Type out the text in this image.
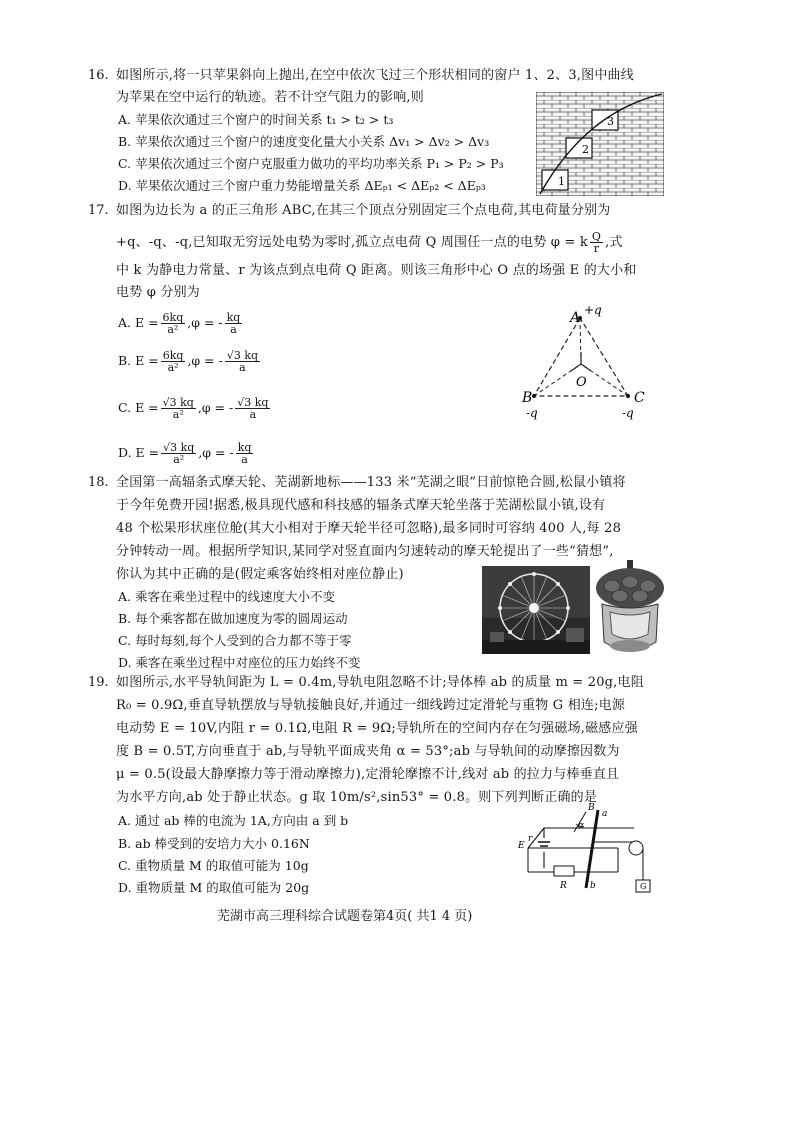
16. 如图所示,将一只苹果斜向上抛出,在空中依次飞过三个形状相同的窗户 1、2、3,图中曲线
为苹果在空中运行的轨迹。若不计空气阻力的影响,则
A. 苹果依次通过三个窗户的时间关系 t₁ > t₂ > t₃
B. 苹果依次通过三个窗户的速度变化量大小关系 Δv₁ > Δv₂ > Δv₃
C. 苹果依次通过三个窗户克服重力做功的平均功率关系 P₁ > P₂ > P₃
D. 苹果依次通过三个窗户重力势能增量关系 ΔEₚ₁ < ΔEₚ₂ < ΔEₚ₃	1
2
3
17. 如图为边长为 a 的正三角形 ABC,在其三个顶点分别固定三个点电荷,其电荷量分别为
+q、-q、-q,已知取无穷远处电势为零时,孤立点电荷 Q 周围任一点的电势 φ = k $\frac{Q}{r}$ ,式
中 k 为静电力常量、r 为该点到点电荷 Q 距离。则该三角形中心 O 点的场强 E 的大小和
电势 φ 分别为
A. $E = \frac{6kq}{\text{a²}} ,\varphi$ = - $\frac{kq}{a}$
B. $E = \frac{6kq}{\text{a²}} ,\varphi$ = - $\frac{√3 kq}{a}$
C. $E = \frac{√3 kq}{\text{a²}} ,\varphi$ = - $\frac{√3 kq}{a}$
D. $E = \frac{√3 kq}{\text{a²}} ,\varphi$ = - $\frac{kq}{a}$
A +q
B
-q
C
-q
O
18. 全国第一高辐条式摩天轮、芜湖新地标——133 米“芜湖之眼”日前惊艳合圆,松鼠小镇将
于今年免费开园!据悉,极具现代感和科技感的辐条式摩天轮坐落于芜湖松鼠小镇,设有
48 个松果形状座位舱(其大小相对于摩天轮半径可忽略),最多同时可容纳 400 人,每 28
分钟转动一周。根据所学知识,某同学对竖直面内匀速转动的摩天轮提出了一些“猜想”,
你认为其中正确的是(假定乘客始终相对座位静止)
A. 乘客在乘坐过程中的线速度大小不变
B. 每个乘客都在做加速度为零的圆周运动
C. 每时每刻,每个人受到的合力都不等于零
D. 乘客在乘坐过程中对座位的压力始终不变
19. 如图所示,水平导轨间距为 L = 0.4m,导轨电阻忽略不计;导体棒 ab 的质量 m = 20g,电阻
R₀ = 0.9Ω,垂直导轨摆放与导轨接触良好,并通过一细线跨过定滑轮与重物 G 相连;电源
电动势 E = 10V,内阻 r = 0.1Ω,电阻 R = 9Ω;导轨所在的空间内存在匀强磁场,磁感应强
度 B = 0.5T,方向垂直于 ab,与导轨平面成夹角 α = 53°;ab 与导轨间的动摩擦因数为
μ = 0.5(设最大静摩擦力等于滑动摩擦力),定滑轮摩擦不计,线对 ab 的拉力与棒垂直且
为水平方向,ab 处于静止状态。g 取 10m/s²,sin53° = 0.8。则下列判断正确的是
A. 通过 ab 棒的电流为 1A,方向由 a 到 b
B. ab 棒受到的安培力大小 0.16N
C. 重物质量 M 的取值可能为 10g
D. 重物质量 M 的取值可能为 20g
B
a
α
E
r
R	b	G
芜湖市高三理科综合试题卷第4页( 共1 4 页)
